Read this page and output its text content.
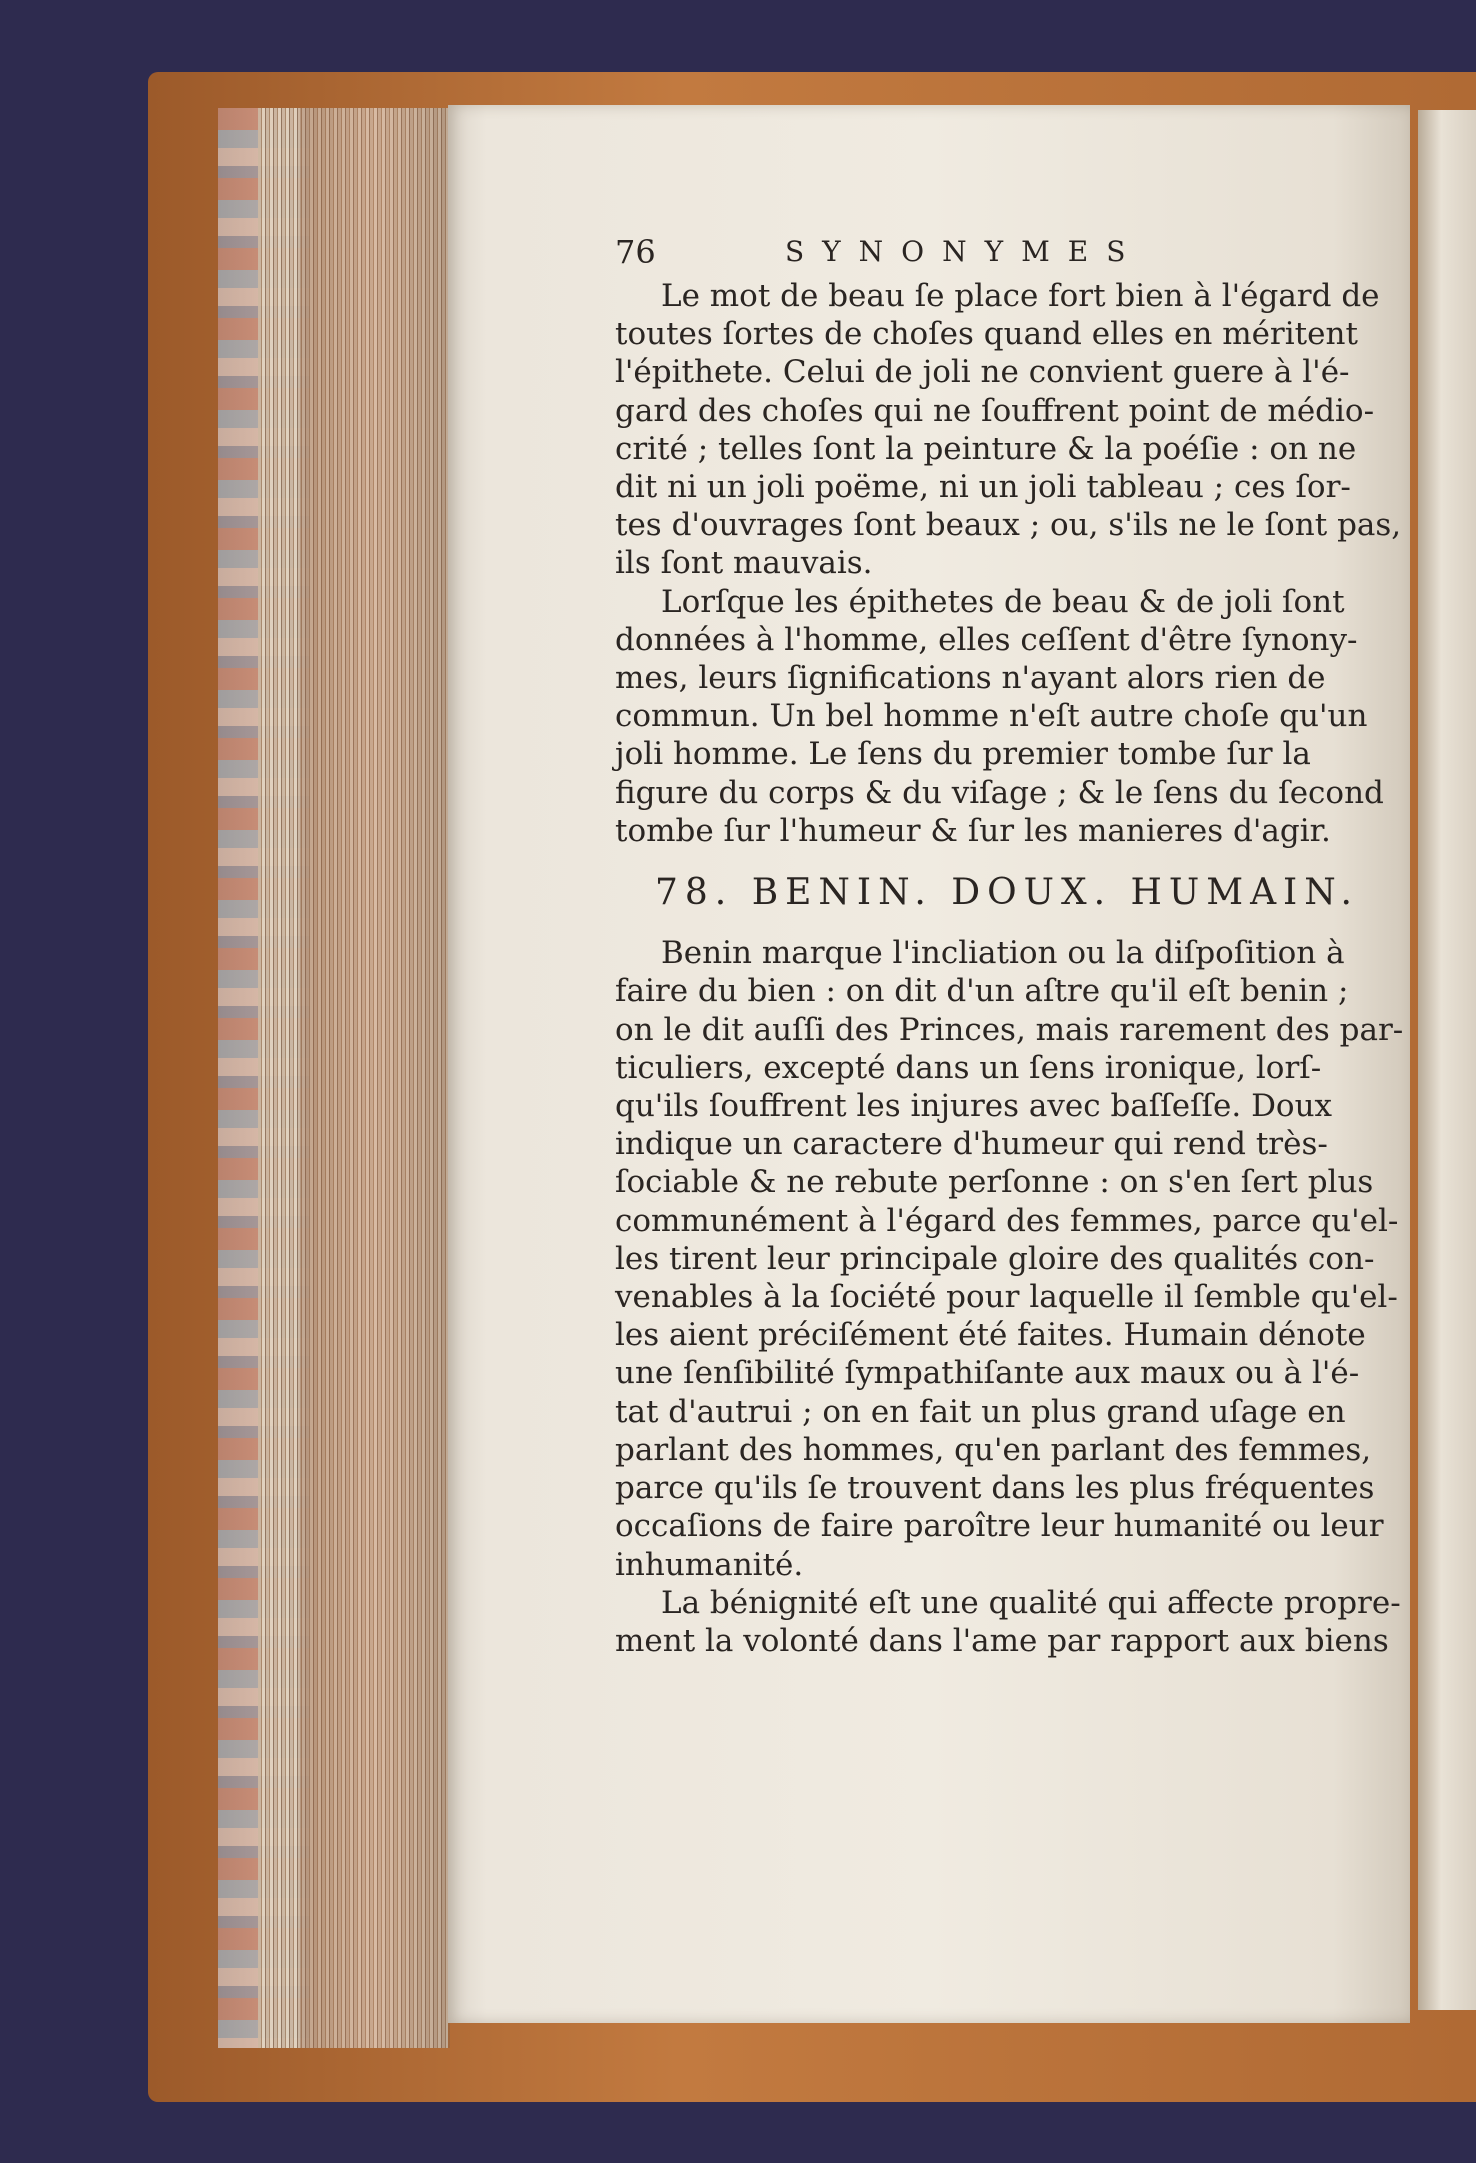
76	SYNONYMES

Le mot de beau ſe place fort bien à l'égard de
toutes ſortes de choſes quand elles en méritent
l'épithete. Celui de joli ne convient guere à l'é-
gard des choſes qui ne ſouffrent point de médio-
crité ; telles ſont la peinture & la poéſie : on ne
dit ni un joli poëme, ni un joli tableau ; ces ſor-
tes d'ouvrages ſont beaux ; ou, s'ils ne le ſont pas,
ils ſont mauvais.

Lorſque les épithetes de beau & de joli ſont
données à l'homme, elles ceſſent d'être ſynony-
mes, leurs ſignifications n'ayant alors rien de
commun. Un bel homme n'eſt autre choſe qu'un
joli homme. Le ſens du premier tombe ſur la
figure du corps & du viſage ; & le ſens du ſecond
tombe ſur l'humeur & ſur les manieres d'agir.

78. BENIN. DOUX. HUMAIN.

Benin marque l'incliation ou la diſpoſition à
faire du bien : on dit d'un aſtre qu'il eſt benin ;
on le dit auſſi des Princes, mais rarement des par-
ticuliers, excepté dans un ſens ironique, lorſ-
qu'ils ſouffrent les injures avec baſſeſſe. Doux
indique un caractere d'humeur qui rend très-
ſociable & ne rebute perſonne : on s'en ſert plus
communément à l'égard des femmes, parce qu'el-
les tirent leur principale gloire des qualités con-
venables à la ſociété pour laquelle il ſemble qu'el-
les aient préciſément été faites. Humain dénote
une ſenſibilité ſympathiſante aux maux ou à l'é-
tat d'autrui ; on en fait un plus grand uſage en
parlant des hommes, qu'en parlant des femmes,
parce qu'ils ſe trouvent dans les plus fréquentes
occaſions de faire paroître leur humanité ou leur
inhumanité.

La bénignité eſt une qualité qui affecte propre-
ment la volonté dans l'ame par rapport aux biens
